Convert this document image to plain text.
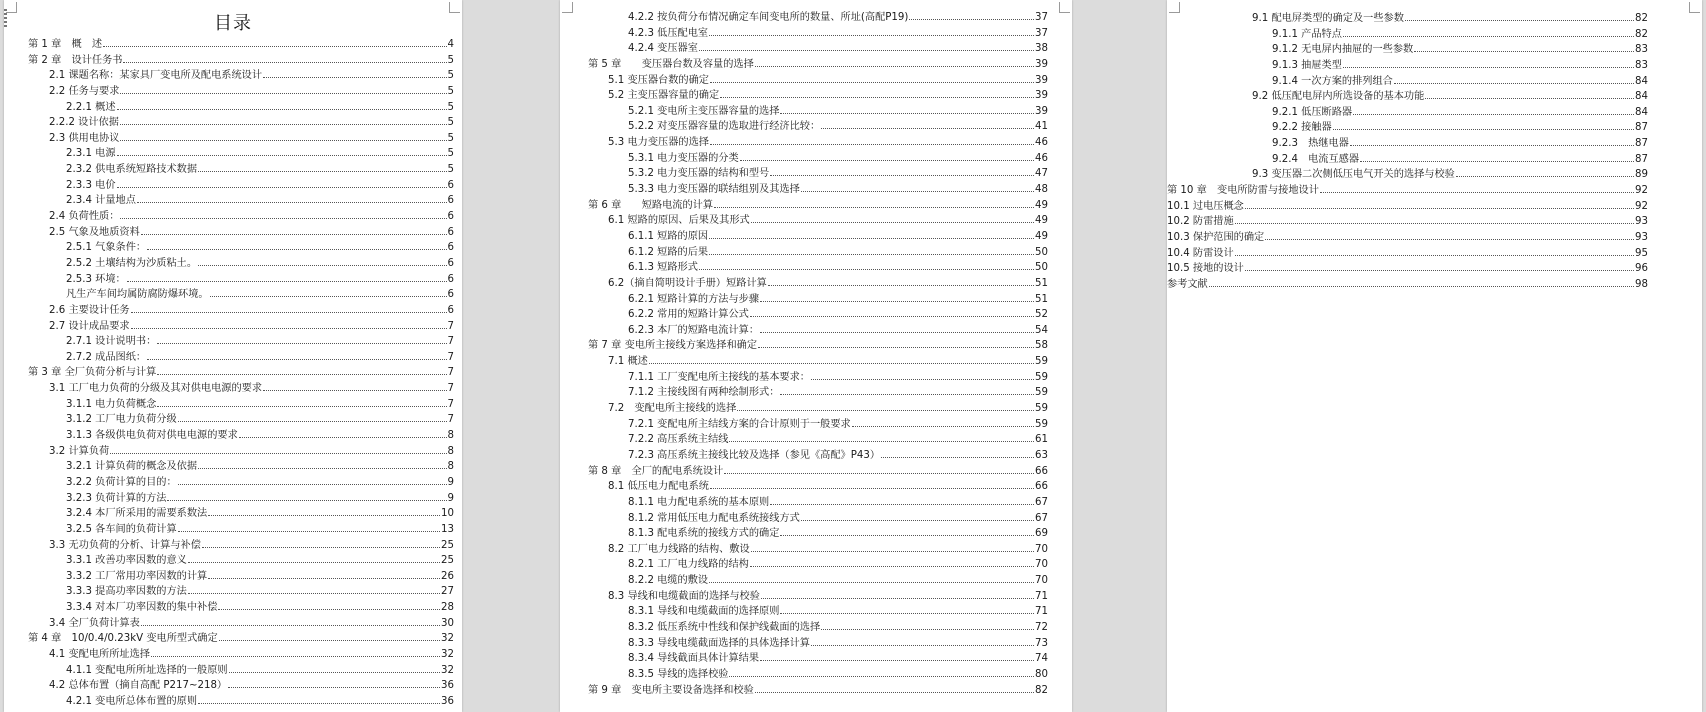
目录
第 1 章　概　述	4
第 2 章　设计任务书	5
2.1 课题名称：某家具厂变电所及配电系统设计	5
2.2 任务与要求	5
2.2.1 概述	5
2.2.2 设计依据	5
2.3 供用电协议	5
2.3.1 电源	5
2.3.2 供电系统短路技术数据	5
2.3.3 电价	6
2.3.4 计量地点	6
2.4 负荷性质：	6
2.5 气象及地质资料	6
2.5.1 气象条件：	6
2.5.2 土壤结构为沙质粘土。	6
2.5.3 环境：	6
凡生产车间均属防腐防爆环境。	6
2.6 主要设计任务	6
2.7 设计成品要求	7
2.7.1 设计说明书：	7
2.7.2 成品图纸：	7
第 3 章 全厂负荷分析与计算	7
3.1 工厂电力负荷的分级及其对供电电源的要求	7
3.1.1 电力负荷概念	7
3.1.2 工厂电力负荷分级	7
3.1.3 各级供电负荷对供电电源的要求	8
3.2 计算负荷	8
3.2.1 计算负荷的概念及依据	8
3.2.2 负荷计算的目的：	9
3.2.3 负荷计算的方法	9
3.2.4 本厂所采用的需要系数法	10
3.2.5 各车间的负荷计算	13
3.3 无功负荷的分析、计算与补偿	25
3.3.1 改善功率因数的意义	25
3.3.2 工厂常用功率因数的计算	26
3.3.3 提高功率因数的方法	27
3.3.4 对本厂功率因数的集中补偿	28
3.4 全厂负荷计算表	30
第 4 章　10/0.4/0.23kV 变电所型式确定	32
4.1 变配电所所址选择	32
4.1.1 变配电所所址选择的一般原则	32
4.2 总体布置（摘自高配 P217~218）	36
4.2.1 变电所总体布置的原则	36
4.2.2 按负荷分布情况确定车间变电所的数量、所址(高配P19)	37
4.2.3 低压配电室	37
4.2.4 变压器室	38
第 5 章　　变压器台数及容量的选择	39
5.1 变压器台数的确定	39
5.2 主变压器容量的确定	39
5.2.1 变电所主变压器容量的选择	39
5.2.2 对变压器容量的选取进行经济比较：	41
5.3 电力变压器的选择	46
5.3.1 电力变压器的分类	46
5.3.2 电力变压器的结构和型号	47
5.3.3 电力变压器的联结组别及其选择	48
第 6 章　　短路电流的计算	49
6.1 短路的原因、后果及其形式	49
6.1.1 短路的原因	49
6.1.2 短路的后果	50
6.1.3 短路形式	50
6.2（摘自简明设计手册）短路计算	51
6.2.1 短路计算的方法与步骤	51
6.2.2 常用的短路计算公式	52
6.2.3 本厂的短路电流计算：	54
第 7 章 变电所主接线方案选择和确定	58
7.1 概述	59
7.1.1 工厂变配电所主接线的基本要求：	59
7.1.2 主接线图有两种绘制形式：	59
7.2　变配电所主接线的选择	59
7.2.1 变配电所主结线方案的合计原则于一般要求	59
7.2.2 高压系统主结线	61
7.2.3 高压系统主接线比较及选择（参见《高配》P43）	63
第 8 章　全厂的配电系统设计	66
8.1 低压电力配电系统	66
8.1.1 电力配电系统的基本原则	67
8.1.2 常用低压电力配电系统接线方式	67
8.1.3 配电系统的接线方式的确定	69
8.2 工厂电力线路的结构、敷设	70
8.2.1 工厂电力线路的结构	70
8.2.2 电缆的敷设	70
8.3 导线和电缆截面的选择与校验	71
8.3.1 导线和电缆截面的选择原则	71
8.3.2 低压系统中性线和保护线截面的选择	72
8.3.3 导线电缆截面选择的具体选择计算	73
8.3.4 导线截面具体计算结果	74
8.3.5 导线的选择校验	80
第 9 章　变电所主要设备选择和校验	82
9.1 配电屏类型的确定及一些参数	82
9.1.1 产品特点	82
9.1.2 无电屏内抽屉的一些参数	83
9.1.3 抽屉类型	83
9.1.4 一次方案的排列组合	84
9.2 低压配电屏内所选设备的基本功能	84
9.2.1 低压断路器	84
9.2.2 接触器	87
9.2.3　热继电器	87
9.2.4　电流互感器	87
9.3 变压器二次侧低压电气开关的选择与校验	89
第 10 章　变电所防雷与接地设计	92
10.1 过电压概念	92
10.2 防雷措施	93
10.3 保护范围的确定	93
10.4 防雷设计	95
10.5 接地的设计	96
参考文献	98
